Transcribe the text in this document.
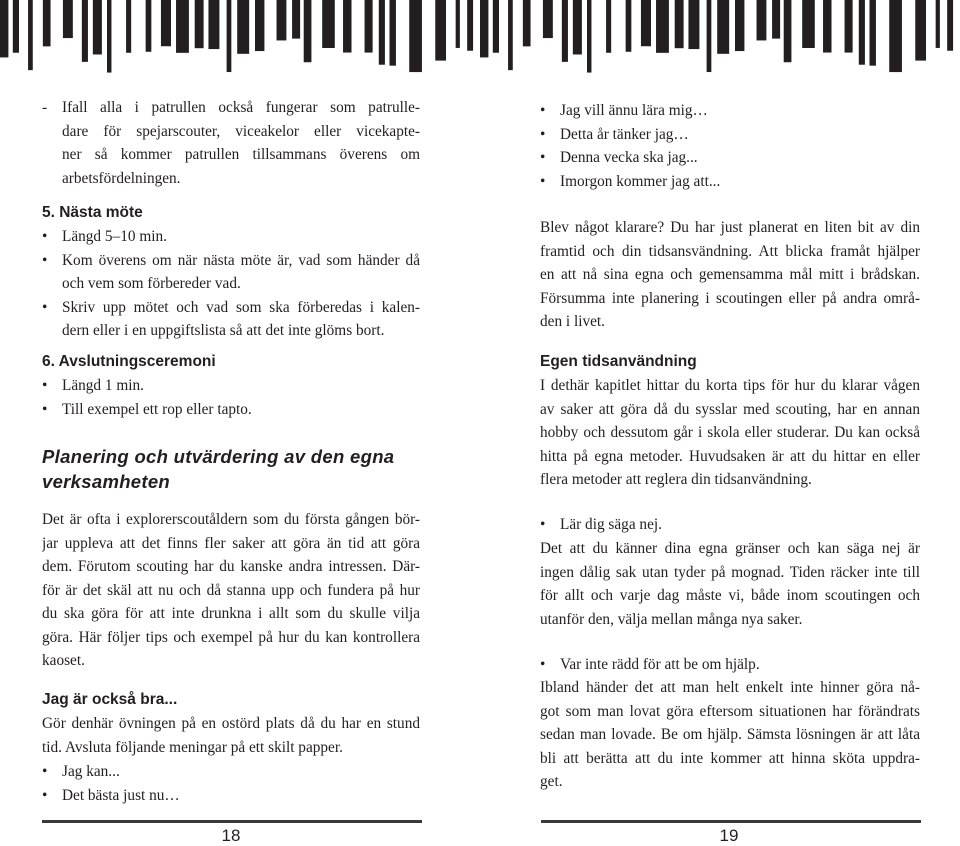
- Ifall alla i patrullen också fungerar som patrulle-
dare för spejarscouter, viceakelor eller vicekapte-
ner så kommer patrullen tillsammans överens om
arbetsfördelningen.
5. Nästa möte
• Längd 5–10 min.
• Kom överens om när nästa möte är, vad som händer då
och vem som förbereder vad.
• Skriv upp mötet och vad som ska förberedas i kalen-
dern eller i en uppgiftslista så att det inte glöms bort.
6. Avslutningsceremoni
• Längd 1 min.
• Till exempel ett rop eller tapto.
Planering och utvärdering av den egna
verksamheten
Det är ofta i explorerscoutåldern som du första gången bör-
jar uppleva att det finns fler saker att göra än tid att göra
dem. Förutom scouting har du kanske andra intressen. Där-
för är det skäl att nu och då stanna upp och fundera på hur
du ska göra för att inte drunkna i allt som du skulle vilja
göra. Här följer tips och exempel på hur du kan kontrollera
kaoset.
Jag är också bra...
Gör denhär övningen på en ostörd plats då du har en stund
tid. Avsluta följande meningar på ett skilt papper.
• Jag kan...
• Det bästa just nu…
18
• Jag vill ännu lära mig…
• Detta år tänker jag…
• Denna vecka ska jag...
• Imorgon kommer jag att...
Blev något klarare? Du har just planerat en liten bit av din
framtid och din tidsansvändning. Att blicka framåt hjälper
en att nå sina egna och gemensamma mål mitt i brådskan.
Försumma inte planering i scoutingen eller på andra områ-
den i livet.
Egen tidsanvändning
I dethär kapitlet hittar du korta tips för hur du klarar vågen
av saker att göra då du sysslar med scouting, har en annan
hobby och dessutom går i skola eller studerar. Du kan också
hitta på egna metoder. Huvudsaken är att du hittar en eller
flera metoder att reglera din tidsanvändning.
• Lär dig säga nej.
Det att du känner dina egna gränser och kan säga nej är
ingen dålig sak utan tyder på mognad. Tiden räcker inte till
för allt och varje dag måste vi, både inom scoutingen och
utanför den, välja mellan många nya saker.
• Var inte rädd för att be om hjälp.
Ibland händer det att man helt enkelt inte hinner göra nå-
got som man lovat göra eftersom situationen har förändrats
sedan man lovade. Be om hjälp. Sämsta lösningen är att låta
bli att berätta att du inte kommer att hinna sköta uppdra-
get.
19
